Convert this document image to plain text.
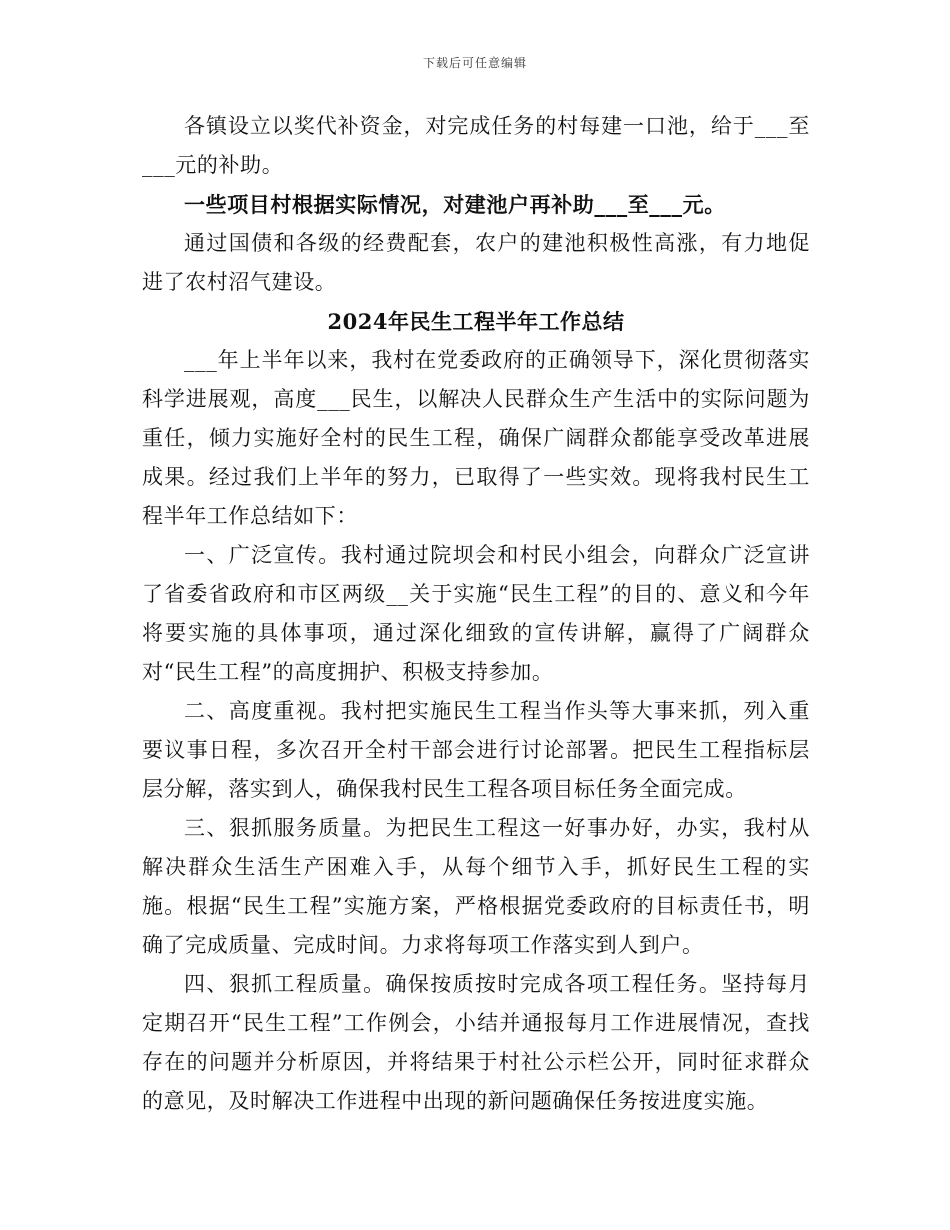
下载后可任意编辑

各镇设立以奖代补资金，对完成任务的村每建一口池，给于___至___元的补助。

一些项目村根据实际情况，对建池户再补助___至___元。

通过国债和各级的经费配套，农户的建池积极性高涨，有力地促进了农村沼气建设。

2024年民生工程半年工作总结

___年上半年以来，我村在党委政府的正确领导下，深化贯彻落实科学进展观，高度___民生，以解决人民群众生产生活中的实际问题为重任，倾力实施好全村的民生工程，确保广阔群众都能享受改革进展成果。经过我们上半年的努力，已取得了一些实效。现将我村民生工程半年工作总结如下：

一、广泛宣传。我村通过院坝会和村民小组会，向群众广泛宣讲了省委省政府和市区两级__关于实施“民生工程”的目的、意义和今年将要实施的具体事项，通过深化细致的宣传讲解，赢得了广阔群众对“民生工程”的高度拥护、积极支持参加。

二、高度重视。我村把实施民生工程当作头等大事来抓，列入重要议事日程，多次召开全村干部会进行讨论部署。把民生工程指标层层分解，落实到人，确保我村民生工程各项目标任务全面完成。

三、狠抓服务质量。为把民生工程这一好事办好，办实，我村从解决群众生活生产困难入手，从每个细节入手，抓好民生工程的实施。根据“民生工程”实施方案，严格根据党委政府的目标责任书，明确了完成质量、完成时间。力求将每项工作落实到人到户。

四、狠抓工程质量。确保按质按时完成各项工程任务。坚持每月定期召开“民生工程”工作例会，小结并通报每月工作进展情况，查找存在的问题并分析原因，并将结果于村社公示栏公开，同时征求群众的意见，及时解决工作进程中出现的新问题确保任务按进度实施。
